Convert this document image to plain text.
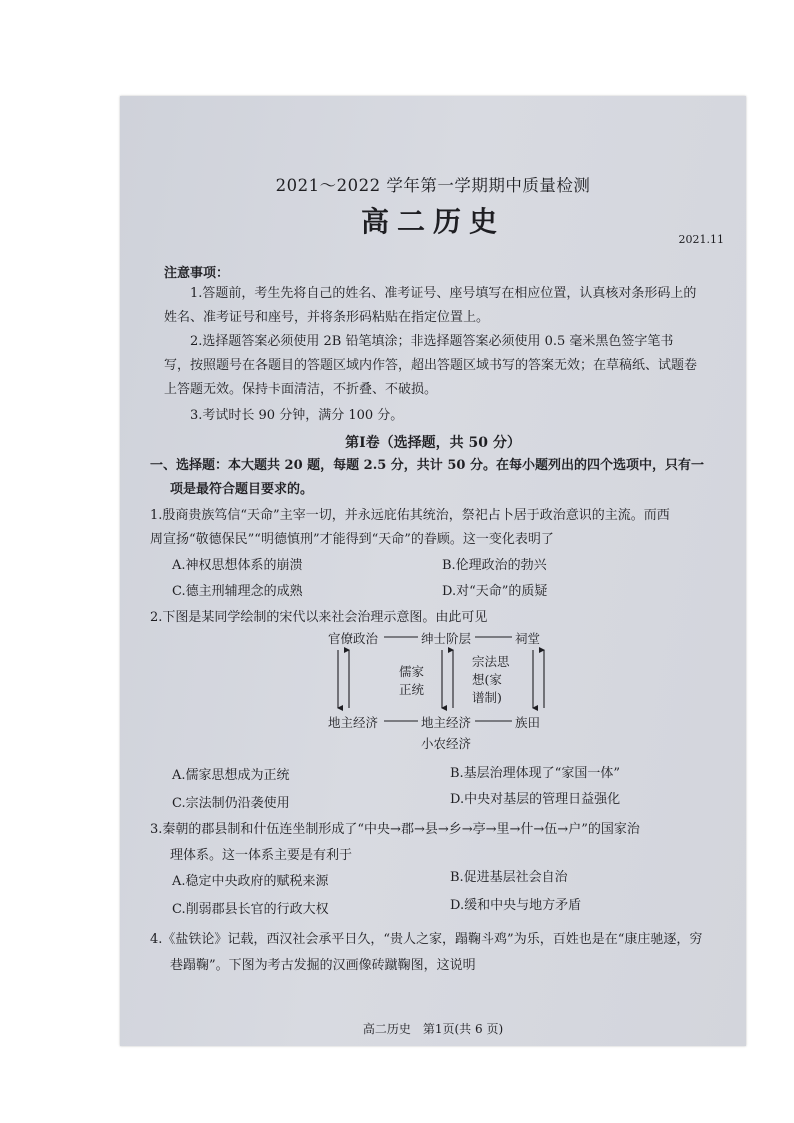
2021～2022 学年第一学期期中质量检测
高二历史
2021.11
注意事项：
1.答题前，考生先将自己的姓名、准考证号、座号填写在相应位置，认真核对条形码上的
姓名、准考证号和座号，并将条形码粘贴在指定位置上。
2.选择题答案必须使用 2B 铅笔填涂；非选择题答案必须使用 0.5 毫米黑色签字笔书
写，按照题号在各题目的答题区域内作答，超出答题区域书写的答案无效；在草稿纸、试题卷
上答题无效。保持卡面清洁，不折叠、不破损。
3.考试时长 90 分钟，满分 100 分。
第Ⅰ卷（选择题，共 50 分）
一、选择题：本大题共 20 题，每题 2.5 分，共计 50 分。在每小题列出的四个选项中，只有一
项是最符合题目要求的。
1.殷商贵族笃信“天命”主宰一切，并永远庇佑其统治，祭祀占卜居于政治意识的主流。而西
周宣扬“敬德保民”“明德慎刑”才能得到“天命”的眷顾。这一变化表明了
A.神权思想体系的崩溃	B.伦理政治的勃兴
C.德主刑辅理念的成熟	D.对“天命”的质疑
2.下图是某同学绘制的宋代以来社会治理示意图。由此可见
官僚政治	绅士阶层	祠堂
儒家
正统
宗法思
想(家
谱制)
地主经济	地主经济	族田
小农经济
A.儒家思想成为正统	B.基层治理体现了“家国一体”
C.宗法制仍沿袭使用	D.中央对基层的管理日益强化
3.秦朝的郡县制和什伍连坐制形成了“中央→郡→县→乡→亭→里→什→伍→户”的国家治
理体系。这一体系主要是有利于
A.稳定中央政府的赋税来源	B.促进基层社会自治
C.削弱郡县长官的行政大权	D.缓和中央与地方矛盾
4.《盐铁论》记载，西汉社会承平日久，“贵人之家，蹋鞠斗鸡”为乐，百姓也是在“康庄驰逐，穷
巷蹋鞠”。下图为考古发掘的汉画像砖蹴鞠图，这说明
高二历史　第1页(共 6 页)
